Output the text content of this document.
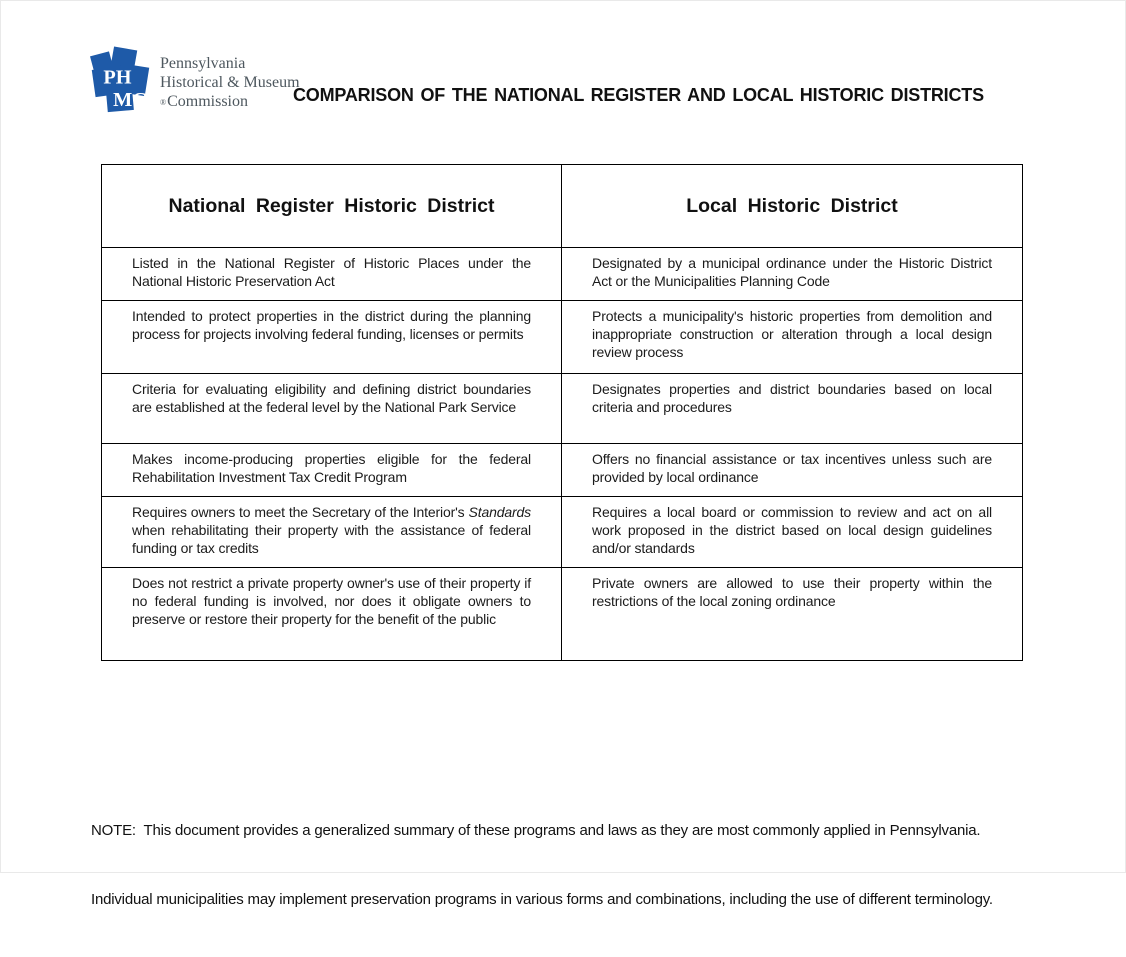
PH
MC
Pennsylvania
Historical & Museum
®Commission	COMPARISON OF THE NATIONAL REGISTER AND LOCAL HISTORIC DISTRICTS
National Register Historic District	Local Historic District
Listed in the National Register of Historic Places under the National Historic Preservation Act	Designated by a municipal ordinance under the Historic District Act or the Municipalities Planning Code
Intended to protect properties in the district during the planning process for projects involving federal funding, licenses or permits	Protects a municipality's historic properties from demolition and inappropriate construction or alteration through a local design review process
Criteria for evaluating eligibility and defining district boundaries are established at the federal level by the National Park Service	Designates properties and district boundaries based on local criteria and procedures
Makes income-producing properties eligible for the federal Rehabilitation Investment Tax Credit Program	Offers no financial assistance or tax incentives unless such are provided by local ordinance
Requires owners to meet the Secretary of the Interior's Standards when rehabilitating their property with the assistance of federal funding or tax credits	Requires a local board or commission to review and act on all work proposed in the district based on local design guidelines and/or standards
Does not restrict a private property owner's use of their property if no federal funding is involved, nor does it obligate owners to preserve or restore their property for the benefit of the public	Private owners are allowed to use their property within the restrictions of the local zoning ordinance

NOTE:  This document provides a generalized summary of these programs and laws as they are most commonly applied in Pennsylvania.

Individual municipalities may implement preservation programs in various forms and combinations, including the use of different terminology.
